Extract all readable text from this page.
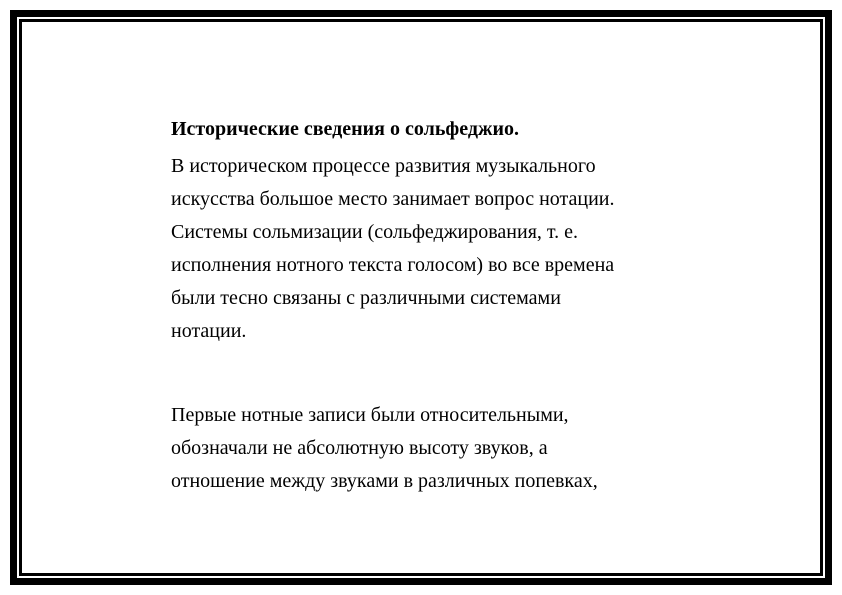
Исторические сведения о сольфеджио.

В историческом процессе развития музыкального
искусства большое место занимает вопрос нотации.
Системы сольмизации (сольфеджирования, т. е.
исполнения нотного текста голосом) во все времена
были тесно связаны с различными системами
нотации.

Первые нотные записи были относительными,
обозначали не абсолютную высоту звуков, а
отношение между звуками в различных попевках,
